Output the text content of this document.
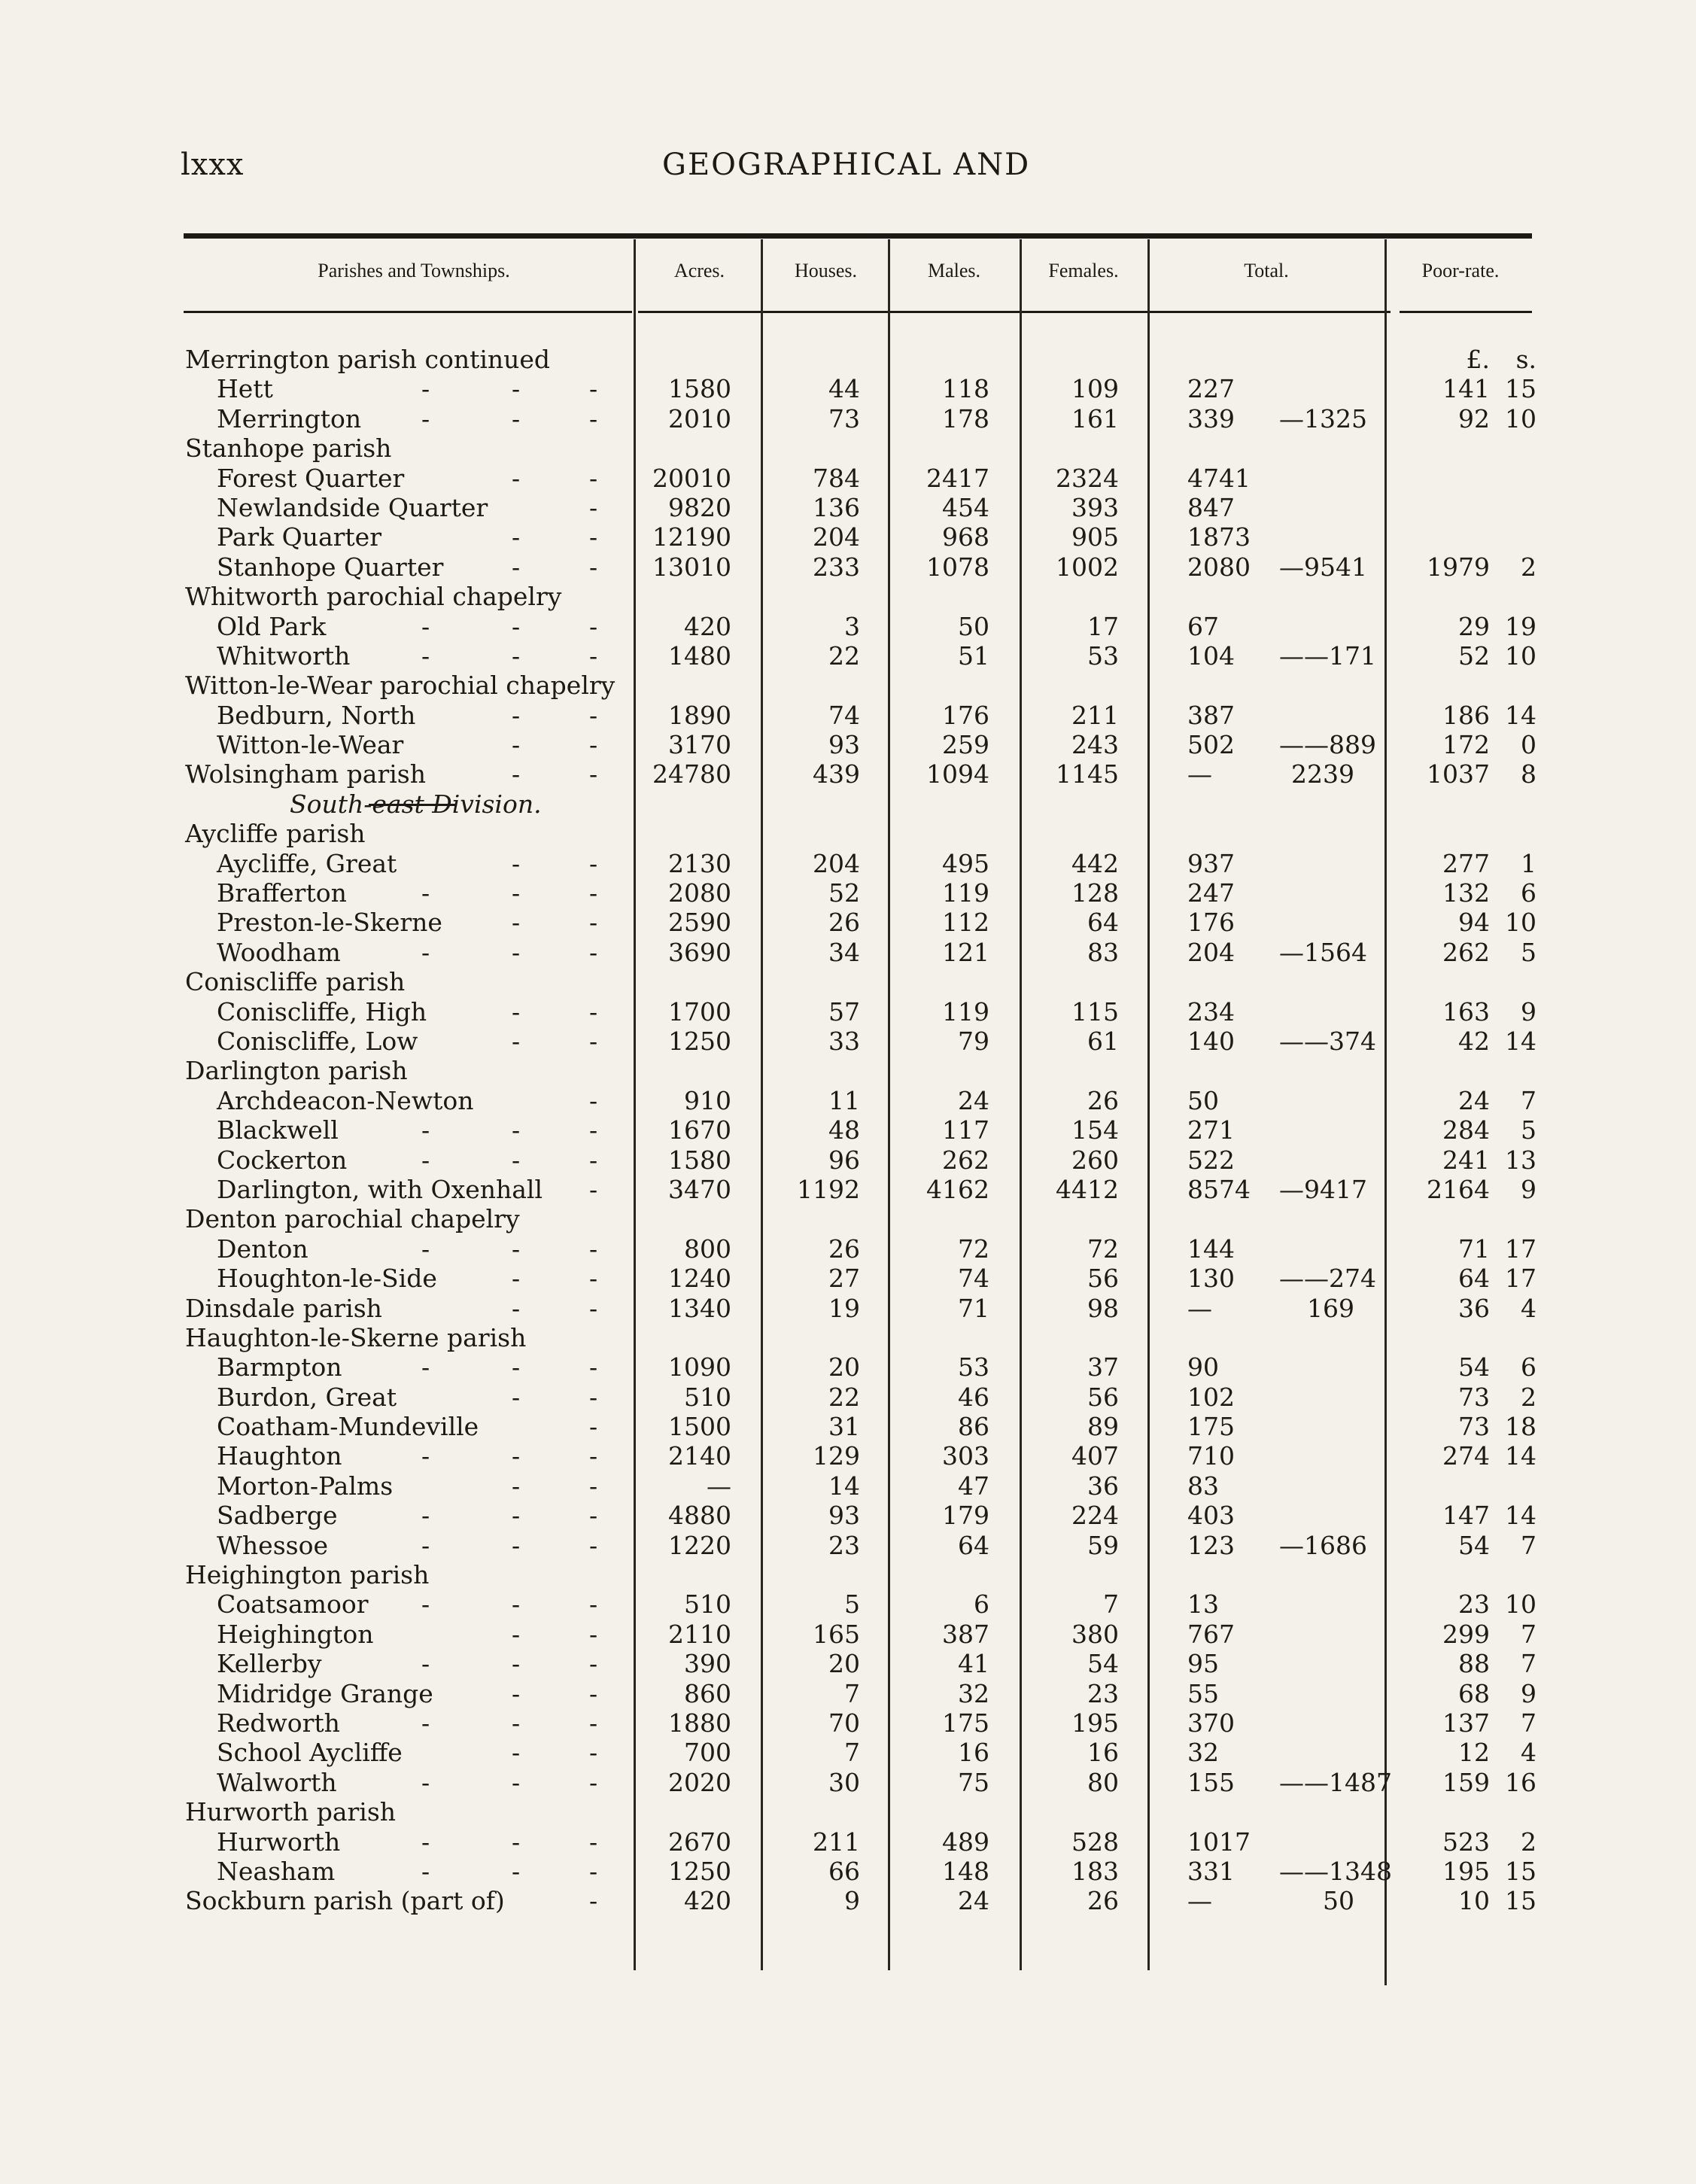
lxxx	GEOGRAPHICAL AND
Parishes and Townships.	Acres.	Houses.	Males.	Females.	Total.	Poor-rate.
Merrington parish continued	£.	s.
Hett	-	-	-	1580	44	118	109	227	141 15
Merrington -	-	-	2010	73	178	161	339	—1325	92 10
Stanhope parish
Forest Quarter	-	-	20010	784	2417	2324	4741
Newlandside Quarter	-	9820	136	454	393	847
Park Quarter	-	-	12190	204	968	905	1873
Stanhope Quarter	-	-	13010	233	1078	1002	2080	—9541	1979	2
Whitworth parochial chapelry
Old Park	-	-	-	420	3	50	17	67	29 19
Whitworth	-	-	-	1480	22	51	53	104	——171	52 10
Witton-le-Wear parochial chapelry
Bedburn, North	-	-	1890	74	176	211	387	186 14
Witton-le-Wear	-	-	3170	93	259	243	502	——889	172	0
Wolsingham parish	-	-	24780	439	1094	1145	—	2239	1037	8
South-east Division.
Aycliffe parish
Aycliffe, Great	-	-	2130	204	495	442	937	277	1
Brafferton	-	-	-	2080	52	119	128	247	132	6
Preston-le-Skerne	-	-	2590	26	112	64	176	94 10
Woodham	-	-	-	3690	34	121	83	204	—1564	262	5
Coniscliffe parish
Coniscliffe, High	-	-	1700	57	119	115	234	163	9
Coniscliffe, Low	-	-	1250	33	79	61	140	——374	42 14
Darlington parish
Archdeacon-Newton	-	910	11	24	26	50	24	7
Blackwell	-	-	-	1670	48	117	154	271	284	5
Cockerton	-	-	-	1580	96	262	260	522	241 13
Darlington, with Oxenhall -	3470	1192	4162	4412	8574	—9417	2164	9
Denton parochial chapelry
Denton	-	-	-	800	26	72	72	144	71 17
Houghton-le-Side	-	-	1240	27	74	56	130	——274	64 17
Dinsdale parish	-	-	1340	19	71	98	—	169	36	4
Haughton-le-Skerne parish
Barmpton	-	-	-	1090	20	53	37	90	54	6
Burdon, Great	-	-	510	22	46	56	102	73	2
Coatham-Mundeville	-	1500	31	86	89	175	73 18
Haughton	-	-	-	2140	129	303	407	710	274 14
Morton-Palms	-	-	—	14	47	36	83
Sadberge	-	-	-	4880	93	179	224	403	147 14
Whessoe	-	-	-	1220	23	64	59	123	—1686	54	7
Heighington parish
Coatsamoor -	-	-	510	5	6	7	13	23 10
Heighington	-	-	2110	165	387	380	767	299	7
Kellerby	-	-	-	390	20	41	54	95	88	7
Midridge Grange	-	-	860	7	32	23	55	68	9
Redworth	-	-	-	1880	70	175	195	370	137	7
School Aycliffe	-	-	700	7	16	16	32	12	4
Walworth	-	-	-	2020	30	75	80	155	——1487	159 16
Hurworth parish
Hurworth	-	-	-	2670	211	489	528	1017	523	2
Neasham	-	-	-	1250	66	148	183	331	——1348	195 15
Sockburn parish (part of)	-	420	9	24	26	—	50	10 15
